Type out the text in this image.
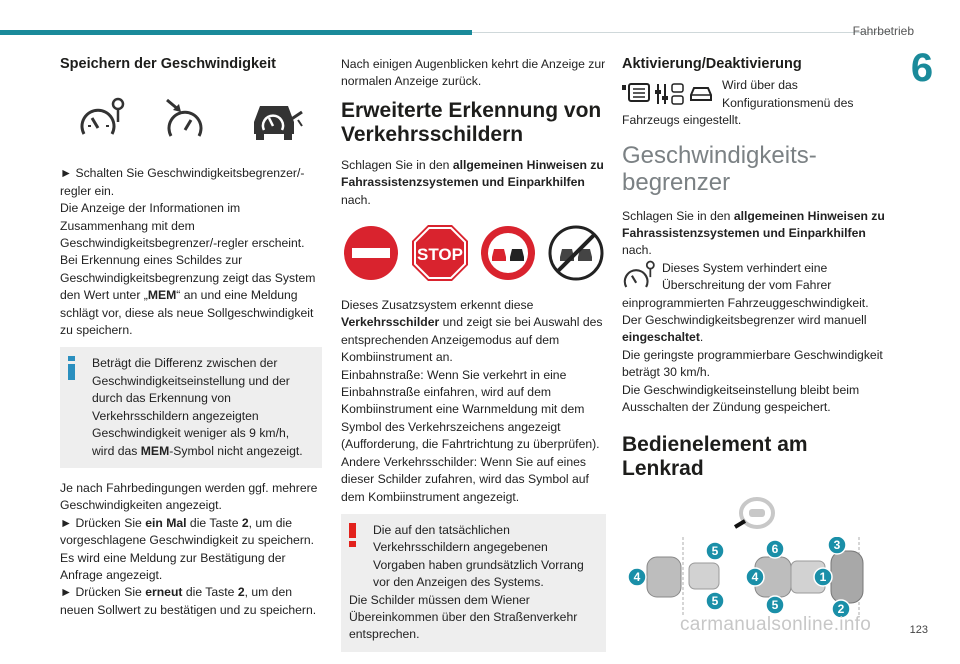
Fahrbetrieb
6
Speichern der Geschwindigkeit

► Schalten Sie Geschwindigkeitsbegrenzer/-regler ein.

Die Anzeige der Informationen im Zusammenhang mit dem Geschwindigkeitsbegrenzer/-regler erscheint.

Bei Erkennung eines Schildes zur Geschwindigkeitsbegrenzung zeigt das System den Wert unter „MEM“ an und eine Meldung schlägt vor, diese als neue Sollgeschwindigkeit zu speichern.

Beträgt die Differenz zwischen der Geschwindigkeitseinstellung und der durch das Erkennung von Verkehrsschildern angezeigten Geschwindigkeit weniger als 9 km/h, wird das MEM-Symbol nicht angezeigt.

Je nach Fahrbedingungen werden ggf. mehrere Geschwindigkeiten angezeigt.

► Drücken Sie ein Mal die Taste 2, um die vorgeschlagene Geschwindigkeit zu speichern.

Es wird eine Meldung zur Bestätigung der Anfrage angezeigt.

► Drücken Sie erneut die Taste 2, um den neuen Sollwert zu bestätigen und zu speichern.

Nach einigen Augenblicken kehrt die Anzeige zur normalen Anzeige zurück.

Erweiterte Erkennung von Verkehrsschildern

Schlagen Sie in den allgemeinen Hinweisen zu Fahrassistenzsystemen und Einparkhilfen nach.

STOP

Dieses Zusatzsystem erkennt diese Verkehrsschilder und zeigt sie bei Auswahl des entsprechenden Anzeigemodus auf dem Kombiinstrument an.

Einbahnstraße: Wenn Sie verkehrt in eine Einbahnstraße einfahren, wird auf dem Kombiinstrument eine Warnmeldung mit dem Symbol des Verkehrszeichens angezeigt (Aufforderung, die Fahrtrichtung zu überprüfen).

Andere Verkehrsschilder: Wenn Sie auf eines dieser Schilder zufahren, wird das Symbol auf dem Kombiinstrument angezeigt.

Die auf den tatsächlichen Verkehrsschildern angegebenen Vorgaben haben grundsätzlich Vorrang vor den Anzeigen des Systems.

Die Schilder müssen dem Wiener Übereinkommen über den Straßenverkehr entsprechen.

Aktivierung/Deaktivierung

Wird über das Konfigurationsmenü des Fahrzeugs eingestellt.

Geschwindigkeits-begrenzer

Schlagen Sie in den allgemeinen Hinweisen zu Fahrassistenzsystemen und Einparkhilfen nach.

Dieses System verhindert eine Überschreitung der vom Fahrer einprogrammierten Fahrzeuggeschwindigkeit.

Der Geschwindigkeitsbegrenzer wird manuell eingeschaltet.

Die geringste programmierbare Geschwindigkeit beträgt 30 km/h.

Die Geschwindigkeitseinstellung bleibt beim Ausschalten der Zündung gespeichert.

Bedienelement am Lenkrad
4
5
5
6
4	1
3
5	2
carmanualsonline.info	123
